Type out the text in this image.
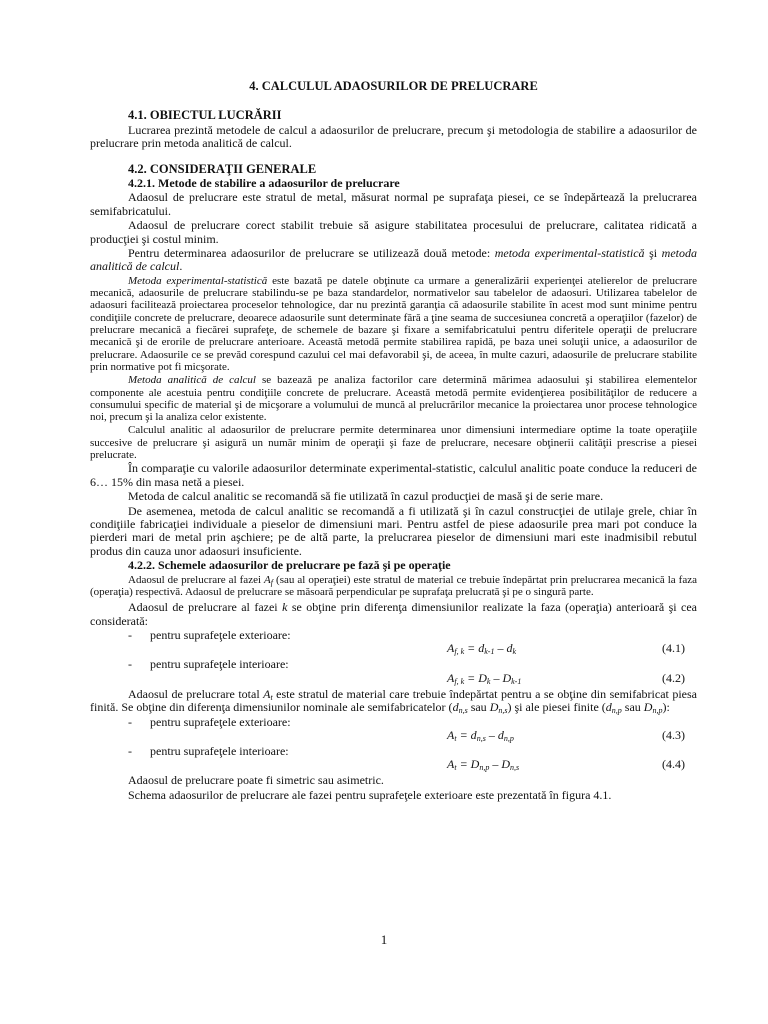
4. CALCULUL ADAOSURILOR DE PRELUCRARE
4.1. OBIECTUL LUCRĂRII

Lucrarea prezintă metodele de calcul a adaosurilor de prelucrare, precum şi metodologia de stabilire a adaosurilor de prelucrare prin metoda analitică de calcul.

4.2. CONSIDERAŢII GENERALE
4.2.1. Metode de stabilire a adaosurilor de prelucrare

Adaosul de prelucrare este stratul de metal, măsurat normal pe suprafaţa piesei, ce se îndepărtează la prelucrarea semifabricatului.

Adaosul de prelucrare corect stabilit trebuie să asigure stabilitatea procesului de prelucrare, calitatea ridicată a producţiei şi costul minim.

Pentru determinarea adaosurilor de prelucrare se utilizează două metode: metoda experimental-statistică şi metoda analitică de calcul.

Metoda experimental-statistică este bazată pe datele obţinute ca urmare a generalizării experienţei atelierelor de prelucrare mecanică, adaosurile de prelucrare stabilindu-se pe baza standardelor, normativelor sau tabelelor de adaosuri. Utilizarea tabelelor de adaosuri facilitează proiectarea proceselor tehnologice, dar nu prezintă garanţia că adaosurile stabilite în acest mod sunt minime pentru condiţiile concrete de prelucrare, deoarece adaosurile sunt determinate fără a ţine seama de succesiunea concretă a operaţiilor (fazelor) de prelucrare mecanică a fiecărei suprafeţe, de schemele de bazare şi fixare a semifabricatului pentru diferitele operaţii de prelucrare mecanică şi de erorile de prelucrare anterioare. Această metodă permite stabilirea rapidă, pe baza unei soluţii unice, a adaosurilor de prelucrare. Adaosurile ce se prevăd corespund cazului cel mai defavorabil şi, de aceea, în multe cazuri, adaosurile de prelucrare stabilite prin normative pot fi micşorate.

Metoda analitică de calcul se bazează pe analiza factorilor care determină mărimea adaosului şi stabilirea elementelor componente ale acestuia pentru condiţiile concrete de prelucrare. Această metodă permite evidenţierea posibilităţilor de reducere a consumului specific de material şi de micşorare a volumului de muncă al prelucrărilor mecanice la proiectarea unor procese tehnologice noi, precum şi la analiza celor existente.

Calculul analitic al adaosurilor de prelucrare permite determinarea unor dimensiuni intermediare optime la toate operaţiile succesive de prelucrare şi asigură un număr minim de operaţii şi faze de prelucrare, necesare obţinerii calităţii prescrise a piesei prelucrate.

În comparaţie cu valorile adaosurilor determinate experimental-statistic, calculul analitic poate conduce la reduceri de 6… 15% din masa netă a piesei.

Metoda de calcul analitic se recomandă să fie utilizată în cazul producţiei de masă şi de serie mare.

De asemenea, metoda de calcul analitic se recomandă a fi utilizată şi în cazul construcţiei de utilaje grele, chiar în condiţiile fabricaţiei individuale a pieselor de dimensiuni mari. Pentru astfel de piese adaosurile prea mari pot conduce la pierderi mari de metal prin aşchiere; pe de altă parte, la prelucrarea pieselor de dimensiuni mari este inadmisibil rebutul produs din cauza unor adaosuri insuficiente.

4.2.2. Schemele adaosurilor de prelucrare pe fază şi pe operaţie

Adaosul de prelucrare al fazei $A_f$ (sau al operaţiei) este stratul de material ce trebuie îndepărtat prin prelucrarea mecanică la faza (operaţia) respectivă. Adaosul de prelucrare se măsoară perpendicular pe suprafaţa prelucrată şi pe o singură parte.

Adaosul de prelucrare al fazei k se obţine prin diferenţa dimensiunilor realizate la faza (operaţia) anterioară şi cea considerată:

-	pentru suprafeţele exterioare:
$A_{f, k} = d_{k-1} - d_k$	(4.1)
-	pentru suprafeţele interioare:
$A_{f, k} = D_k - D_{k-1}$	(4.2)

Adaosul de prelucrare total $A_t$ este stratul de material care trebuie îndepărtat pentru a se obţine din semifabricat piesa finită. Se obţine din diferenţa dimensiunilor nominale ale semifabricatelor ($d_{n,s}$ sau $D_{n,s}$) şi ale piesei finite ($d_{n,p}$ sau $D_{n,p}$):

-	pentru suprafeţele exterioare:
$A_t = d_{n,s} - d_{n,p}$	(4.3)
-	pentru suprafeţele interioare:
$A_t = D_{n,p} - D_{n,s}$	(4.4)

Adaosul de prelucrare poate fi simetric sau asimetric.

Schema adaosurilor de prelucrare ale fazei pentru suprafeţele exterioare este prezentată în figura 4.1.

1
